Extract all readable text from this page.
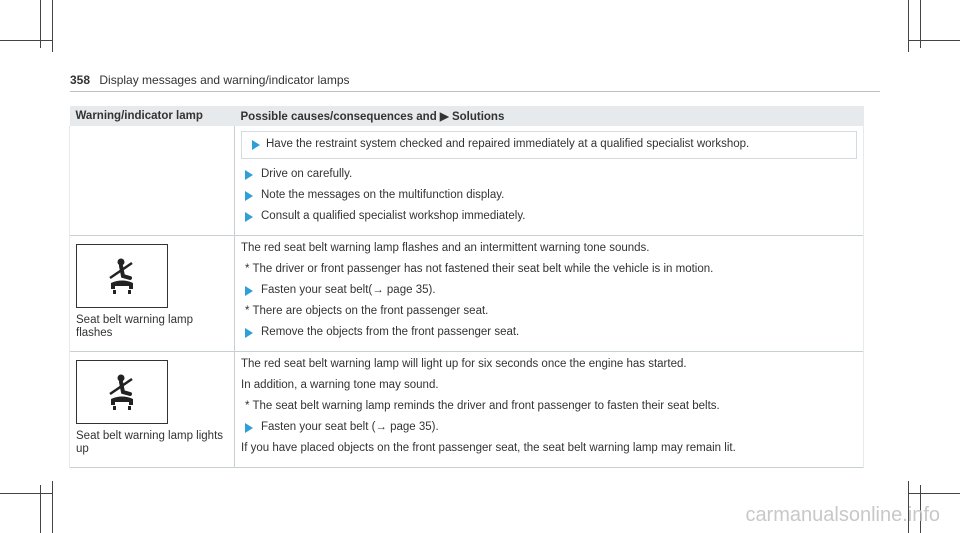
358 Display messages and warning/indicator lamps
Warning/indicator lamp	Possible causes/consequences and ▶ Solutions

Have the restraint system checked and repaired immediately at a qualified specialist workshop.
Drive on carefully.
Note the messages on the multifunction display.
Consult a qualified specialist workshop immediately.

Seat belt warning lamp flashes	The red seat belt warning lamp flashes and an intermittent warning tone sounds.
* The driver or front passenger has not fastened their seat belt while the vehicle is in motion.
Fasten your seat belt(→ page 35).
* There are objects on the front passenger seat.
Remove the objects from the front passenger seat.

Seat belt warning lamp lights up	The red seat belt warning lamp will light up for six seconds once the engine has started.
In addition, a warning tone may sound.
* The seat belt warning lamp reminds the driver and front passenger to fasten their seat belts.
Fasten your seat belt (→ page 35).
If you have placed objects on the front passenger seat, the seat belt warning lamp may remain lit.
carmanualsonline.info
